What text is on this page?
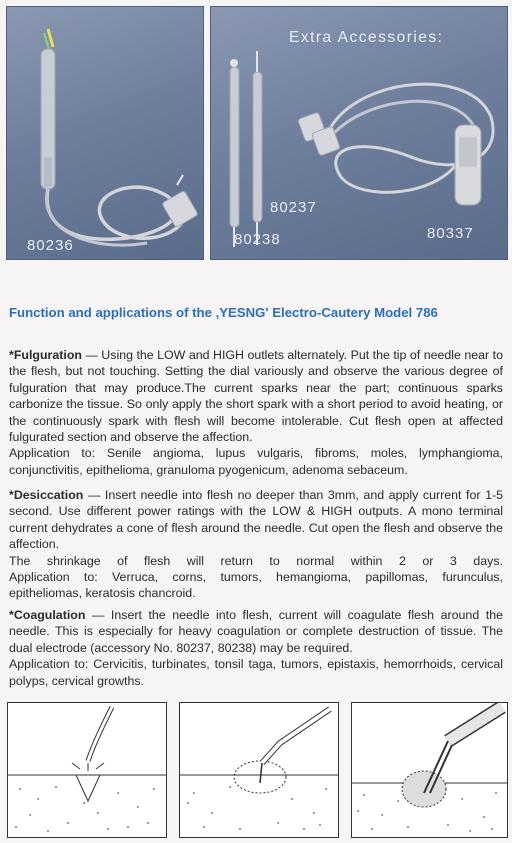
80236
Extra Accessories:
80237
80238	80337
Function and applications of the ,YESNG' Electro-Cautery Model 786

*Fulguration — Using the LOW and HIGH outlets alternately. Put the tip of needle near to the flesh, but not touching. Setting the dial variously and observe the various degree of fulguration that may produce.The current sparks near the part; continuous sparks carbonize the tissue. So only apply the short spark with a short period to avoid heating, or the continuously spark with flesh will become intolerable. Cut flesh open at affected fulgurated section and observe the affection.
Application to: Senile angioma, lupus vulgaris, fibroms, moles, lymphangioma, conjunctivitis, epithelioma, granuloma pyogenicum, adenoma sebaceum.

*Desiccation — Insert needle into flesh no deeper than 3mm, and apply current for 1-5 second. Use different power ratings with the LOW & HIGH outputs. A mono terminal current dehydrates a cone of flesh around the needle. Cut open the flesh and observe the affection.
The shrinkage of flesh will return to normal within 2 or 3 days.
Application to: Verruca, corns, tumors, hemangioma, papillomas, furunculus, epitheliomas, keratosis chancroid.

*Coagulation — Insert the needle into flesh, current will coagulate flesh around the needle. This is especially for heavy coagulation or complete destruction of tissue. The dual electrode (accessory No. 80237, 80238) may be required.
Application to: Cervicitis, turbinates, tonsil taga, tumors, epistaxis, hemorrhoids, cervical polyps, cervical growths.
